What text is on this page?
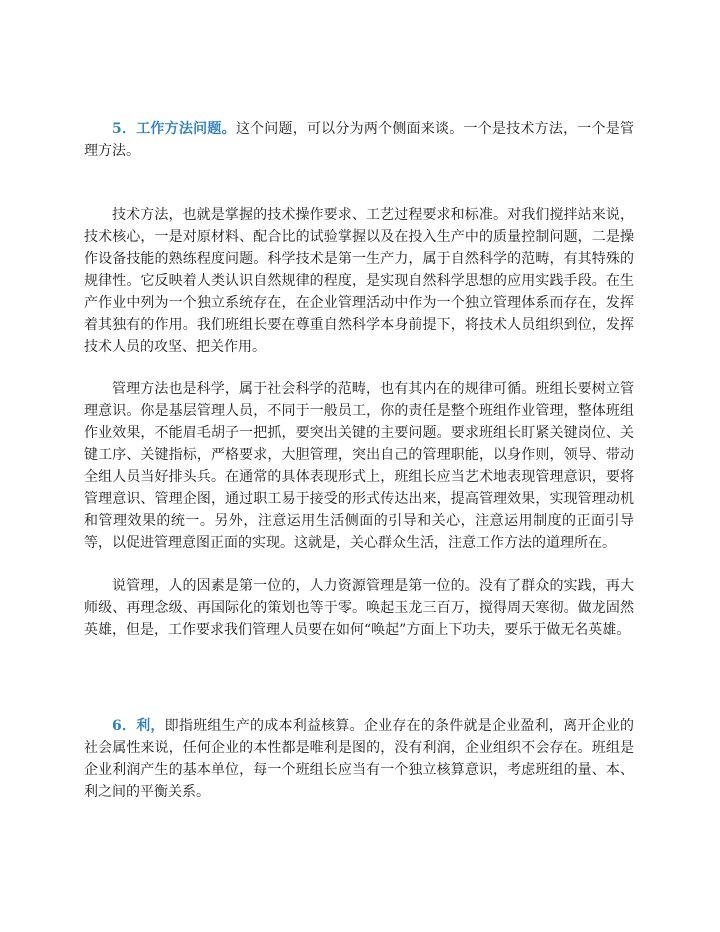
5．工作方法问题。这个问题，可以分为两个侧面来谈。一个是技术方法，一个是管理方法。

技术方法，也就是掌握的技术操作要求、工艺过程要求和标准。对我们搅拌站来说，技术核心，一是对原材料、配合比的试验掌握以及在投入生产中的质量控制问题，二是操作设备技能的熟练程度问题。科学技术是第一生产力，属于自然科学的范畴，有其特殊的规律性。它反映着人类认识自然规律的程度，是实现自然科学思想的应用实践手段。在生产作业中列为一个独立系统存在，在企业管理活动中作为一个独立管理体系而存在，发挥着其独有的作用。我们班组长要在尊重自然科学本身前提下，将技术人员组织到位，发挥技术人员的攻坚、把关作用。

管理方法也是科学，属于社会科学的范畴，也有其内在的规律可循。班组长要树立管理意识。你是基层管理人员，不同于一般员工，你的责任是整个班组作业管理，整体班组作业效果，不能眉毛胡子一把抓，要突出关键的主要问题。要求班组长盯紧关键岗位、关键工序、关键指标，严格要求，大胆管理，突出自己的管理职能，以身作则，领导、带动全组人员当好排头兵。在通常的具体表现形式上，班组长应当艺术地表现管理意识，要将管理意识、管理企图，通过职工易于接受的形式传达出来，提高管理效果，实现管理动机和管理效果的统一。另外，注意运用生活侧面的引导和关心，注意运用制度的正面引导等，以促进管理意图正面的实现。这就是，关心群众生活，注意工作方法的道理所在。

说管理，人的因素是第一位的，人力资源管理是第一位的。没有了群众的实践，再大师级、再理念级、再国际化的策划也等于零。唤起玉龙三百万，搅得周天寒彻。做龙固然英雄，但是，工作要求我们管理人员要在如何“唤起”方面上下功夫，要乐于做无名英雄。

6．利，即指班组生产的成本利益核算。企业存在的条件就是企业盈利，离开企业的社会属性来说，任何企业的本性都是唯利是图的，没有利润，企业组织不会存在。班组是企业利润产生的基本单位，每一个班组长应当有一个独立核算意识，考虑班组的量、本、利之间的平衡关系。
